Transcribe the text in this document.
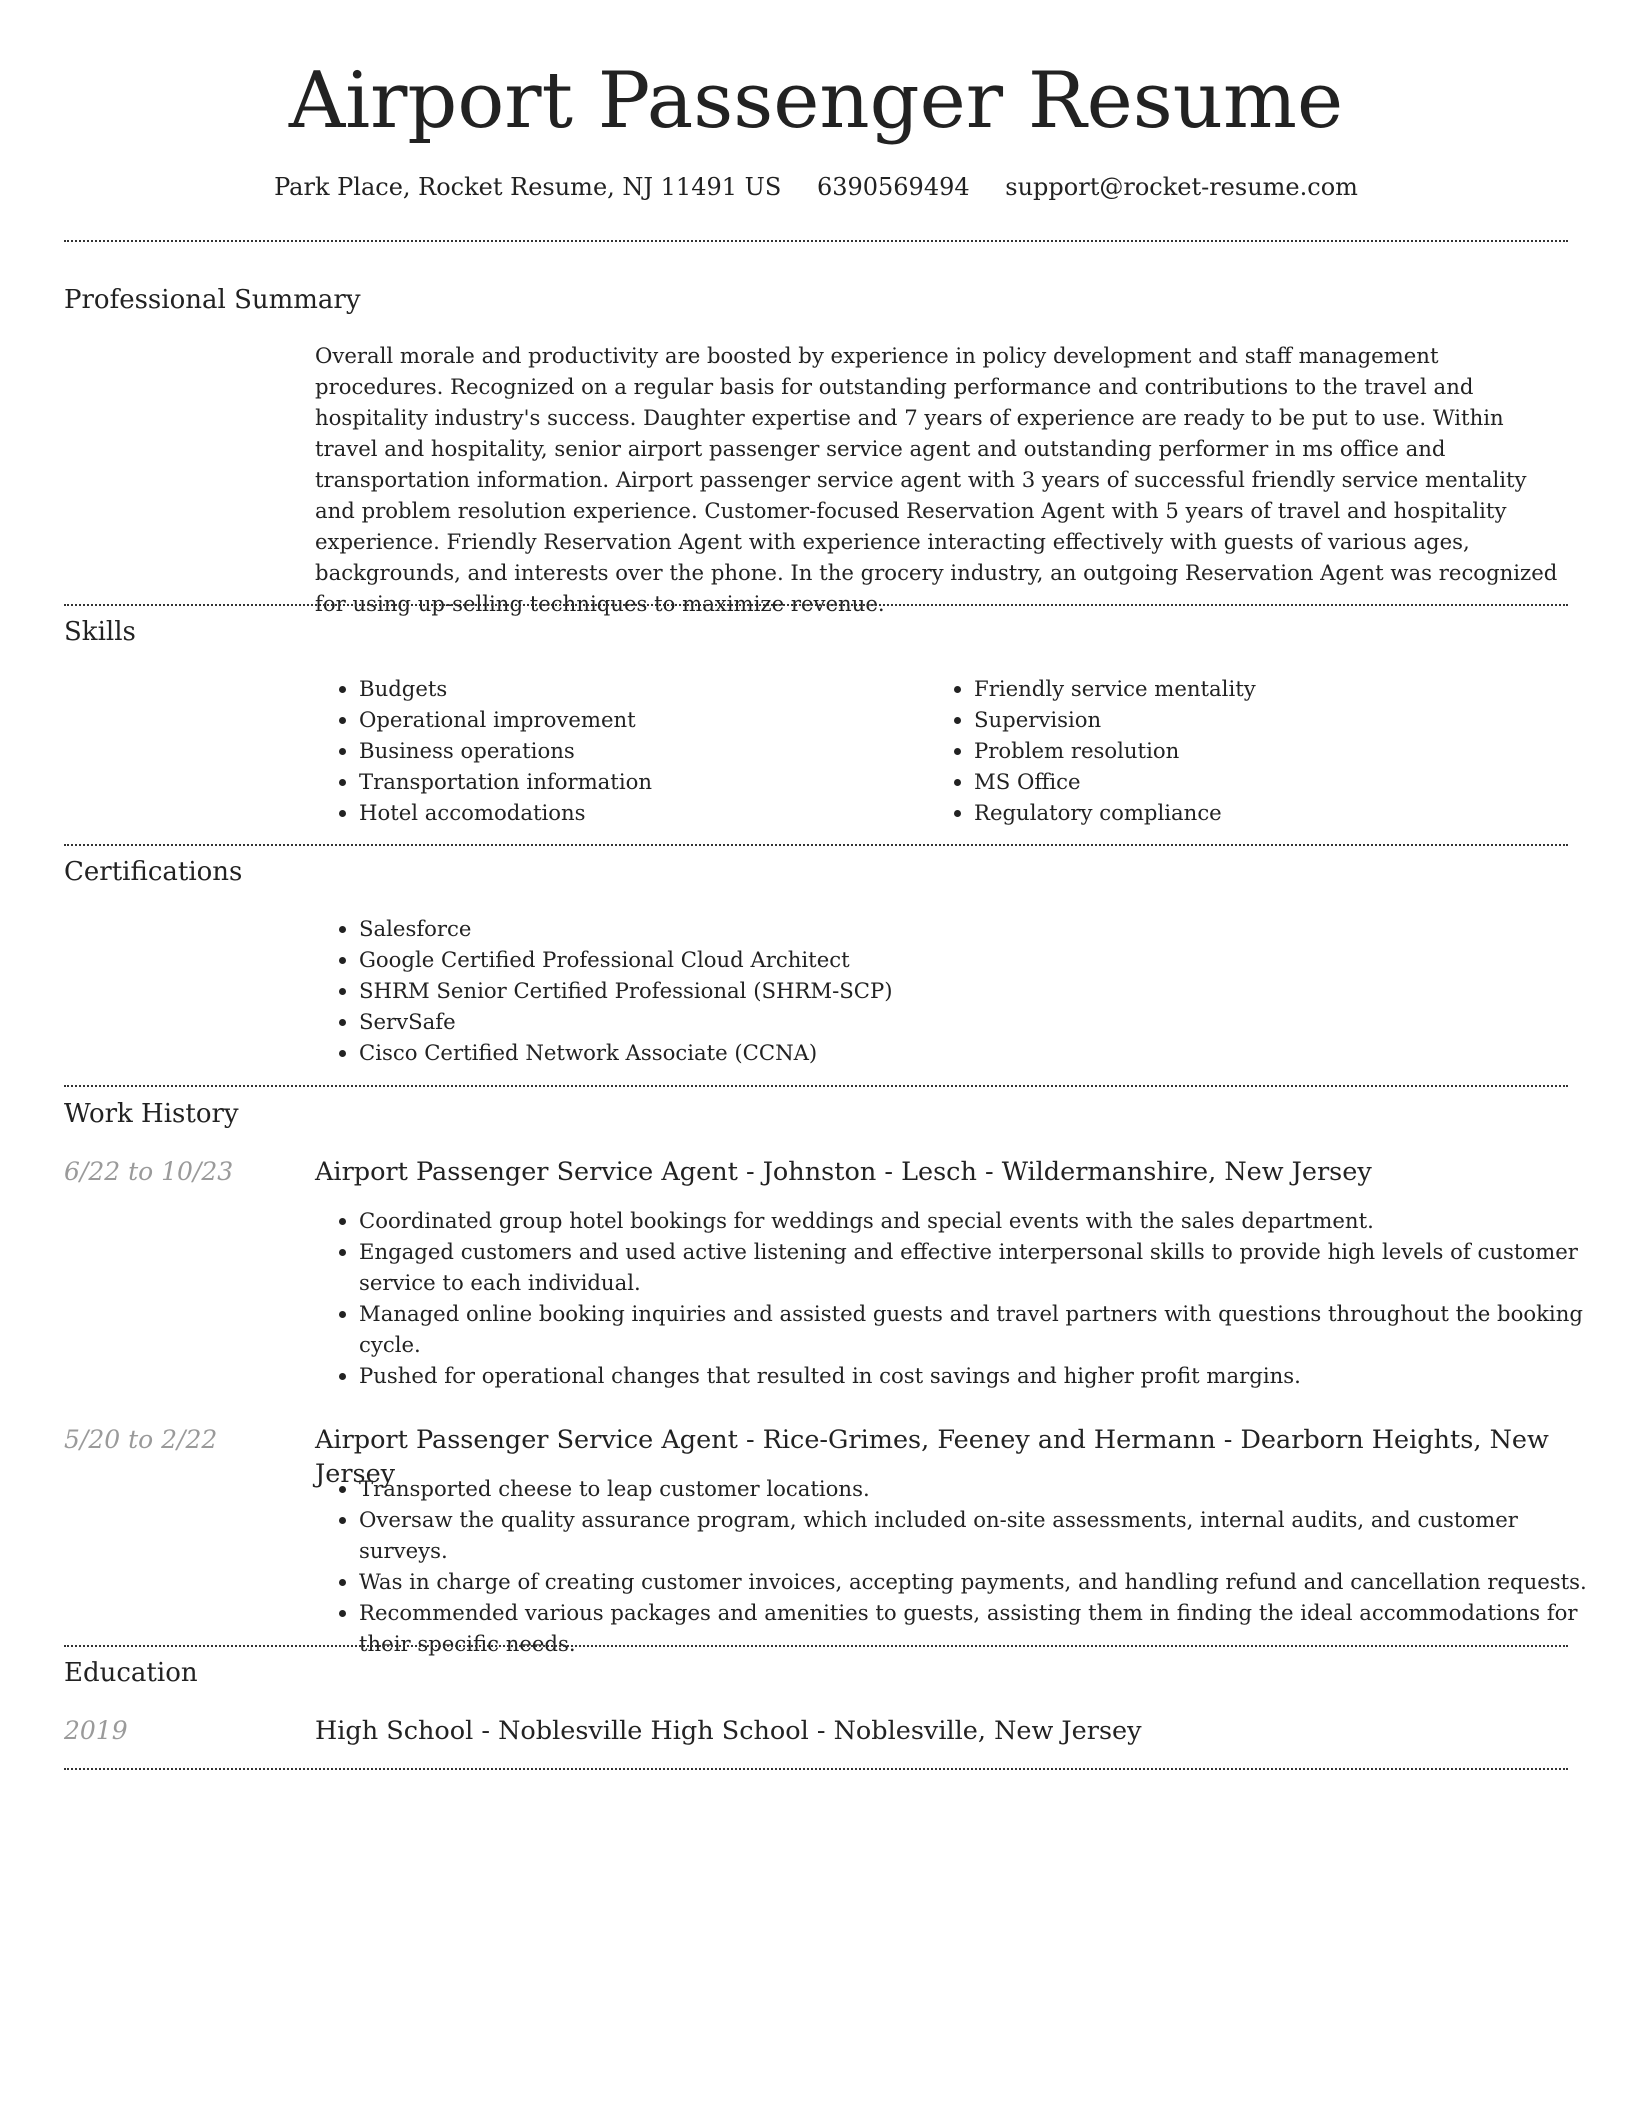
Airport Passenger Resume
Park Place, Rocket Resume, NJ 11491 US 6390569494 support@rocket-resume.com
Professional Summary
Overall morale and productivity are boosted by experience in policy development and staff management procedures. Recognized on a regular basis for outstanding performance and contributions to the travel and hospitality industry's success. Daughter expertise and 7 years of experience are ready to be put to use. Within travel and hospitality, senior airport passenger service agent and outstanding performer in ms office and transportation information. Airport passenger service agent with 3 years of successful friendly service mentality and problem resolution experience. Customer-focused Reservation Agent with 5 years of travel and hospitality experience. Friendly Reservation Agent with experience interacting effectively with guests of various ages, backgrounds, and interests over the phone. In the grocery industry, an outgoing Reservation Agent was recognized for using up-selling techniques to maximize revenue.
Skills
• Budgets
• Operational improvement
• Business operations
• Transportation information
• Hotel accomodations
• Friendly service mentality
• Supervision
• Problem resolution
• MS Office
• Regulatory compliance
Certifications
• Salesforce
• Google Certified Professional Cloud Architect
• SHRM Senior Certified Professional (SHRM-SCP)
• ServSafe
• Cisco Certified Network Associate (CCNA)
Work History
6/22 to 10/23	Airport Passenger Service Agent - Johnston - Lesch - Wildermanshire, New Jersey
• Coordinated group hotel bookings for weddings and special events with the sales department.
• Engaged customers and used active listening and effective interpersonal skills to provide high levels of customer service to each individual.
• Managed online booking inquiries and assisted guests and travel partners with questions throughout the booking cycle.
• Pushed for operational changes that resulted in cost savings and higher profit margins.
5/20 to 2/22	Airport Passenger Service Agent - Rice-Grimes, Feeney and Hermann - Dearborn Heights, New Jersey
• Transported cheese to leap customer locations.
• Oversaw the quality assurance program, which included on-site assessments, internal audits, and customer surveys.
• Was in charge of creating customer invoices, accepting payments, and handling refund and cancellation requests.
• Recommended various packages and amenities to guests, assisting them in finding the ideal accommodations for their specific needs.
Education
2019	High School - Noblesville High School - Noblesville, New Jersey
